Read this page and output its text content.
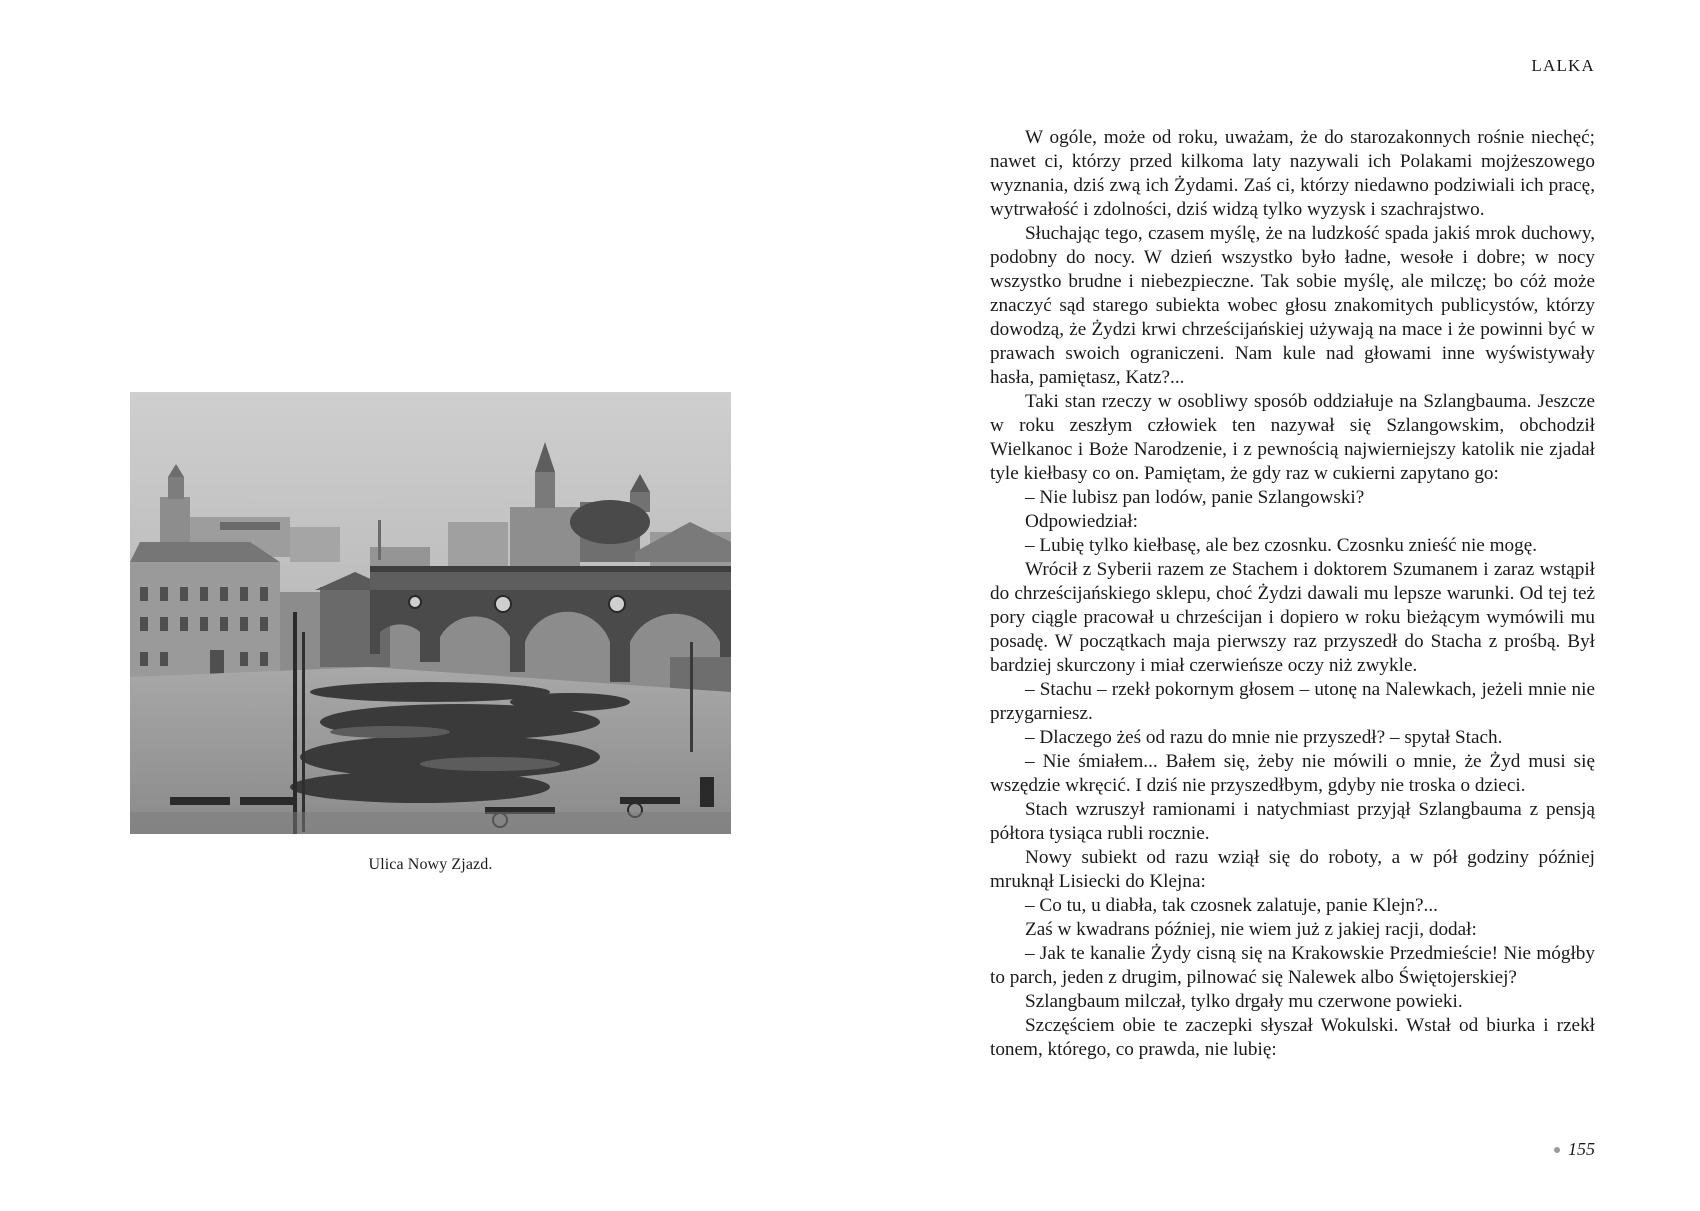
Ulica Nowy Zjazd.
LALKA

W ogóle, może od roku, uważam, że do starozakonnych rośnie niechęć; nawet ci, którzy przed kilkoma laty nazywali ich Polakami mojżeszowego wyznania, dziś zwą ich Żydami. Zaś ci, którzy niedawno podziwiali ich pracę, wytrwałość i zdolności, dziś widzą tylko wyzysk i szachrajstwo.

Słuchając tego, czasem myślę, że na ludzkość spada jakiś mrok duchowy, podobny do nocy. W dzień wszystko było ładne, wesołe i dobre; w nocy wszystko brudne i niebezpieczne. Tak sobie myślę, ale milczę; bo cóż może znaczyć sąd starego subiekta wobec głosu znakomitych publicystów, którzy dowodzą, że Żydzi krwi chrześcijańskiej używają na mace i że powinni być w prawach swoich ograniczeni. Nam kule nad głowami inne wyświstywały hasła, pamiętasz, Katz?...

Taki stan rzeczy w osobliwy sposób oddziałuje na Szlangbauma. Jeszcze w roku zeszłym człowiek ten nazywał się Szlangowskim, obchodził Wielkanoc i Boże Narodzenie, i z pewnością najwierniejszy katolik nie zjadał tyle kiełbasy co on. Pamiętam, że gdy raz w cukierni zapytano go:

– Nie lubisz pan lodów, panie Szlangowski?

Odpowiedział:

– Lubię tylko kiełbasę, ale bez czosnku. Czosnku znieść nie mogę.

Wrócił z Syberii razem ze Stachem i doktorem Szumanem i zaraz wstąpił do chrześcijańskiego sklepu, choć Żydzi dawali mu lepsze warunki. Od tej też pory ciągle pracował u chrześcijan i dopiero w roku bieżącym wymówili mu posadę. W początkach maja pierwszy raz przyszedł do Stacha z prośbą. Był bardziej skurczony i miał czerwieńsze oczy niż zwykle.

– Stachu – rzekł pokornym głosem – utonę na Nalewkach, jeżeli mnie nie przygarniesz.

– Dlaczego żeś od razu do mnie nie przyszedł? – spytał Stach.

– Nie śmiałem... Bałem się, żeby nie mówili o mnie, że Żyd musi się wszędzie wkręcić. I dziś nie przyszedłbym, gdyby nie troska o dzieci.

Stach wzruszył ramionami i natychmiast przyjął Szlangbauma z pensją półtora tysiąca rubli rocznie.

Nowy subiekt od razu wziął się do roboty, a w pół godziny później mruknął Lisiecki do Klejna:

– Co tu, u diabła, tak czosnek zalatuje, panie Klejn?...

Zaś w kwadrans później, nie wiem już z jakiej racji, dodał:

– Jak te kanalie Żydy cisną się na Krakowskie Przedmieście! Nie mógłby to parch, jeden z drugim, pilnować się Nalewek albo Świętojerskiej?

Szlangbaum milczał, tylko drgały mu czerwone powieki.

Szczęściem obie te zaczepki słyszał Wokulski. Wstał od biurka i rzekł tonem, którego, co prawda, nie lubię:

155
